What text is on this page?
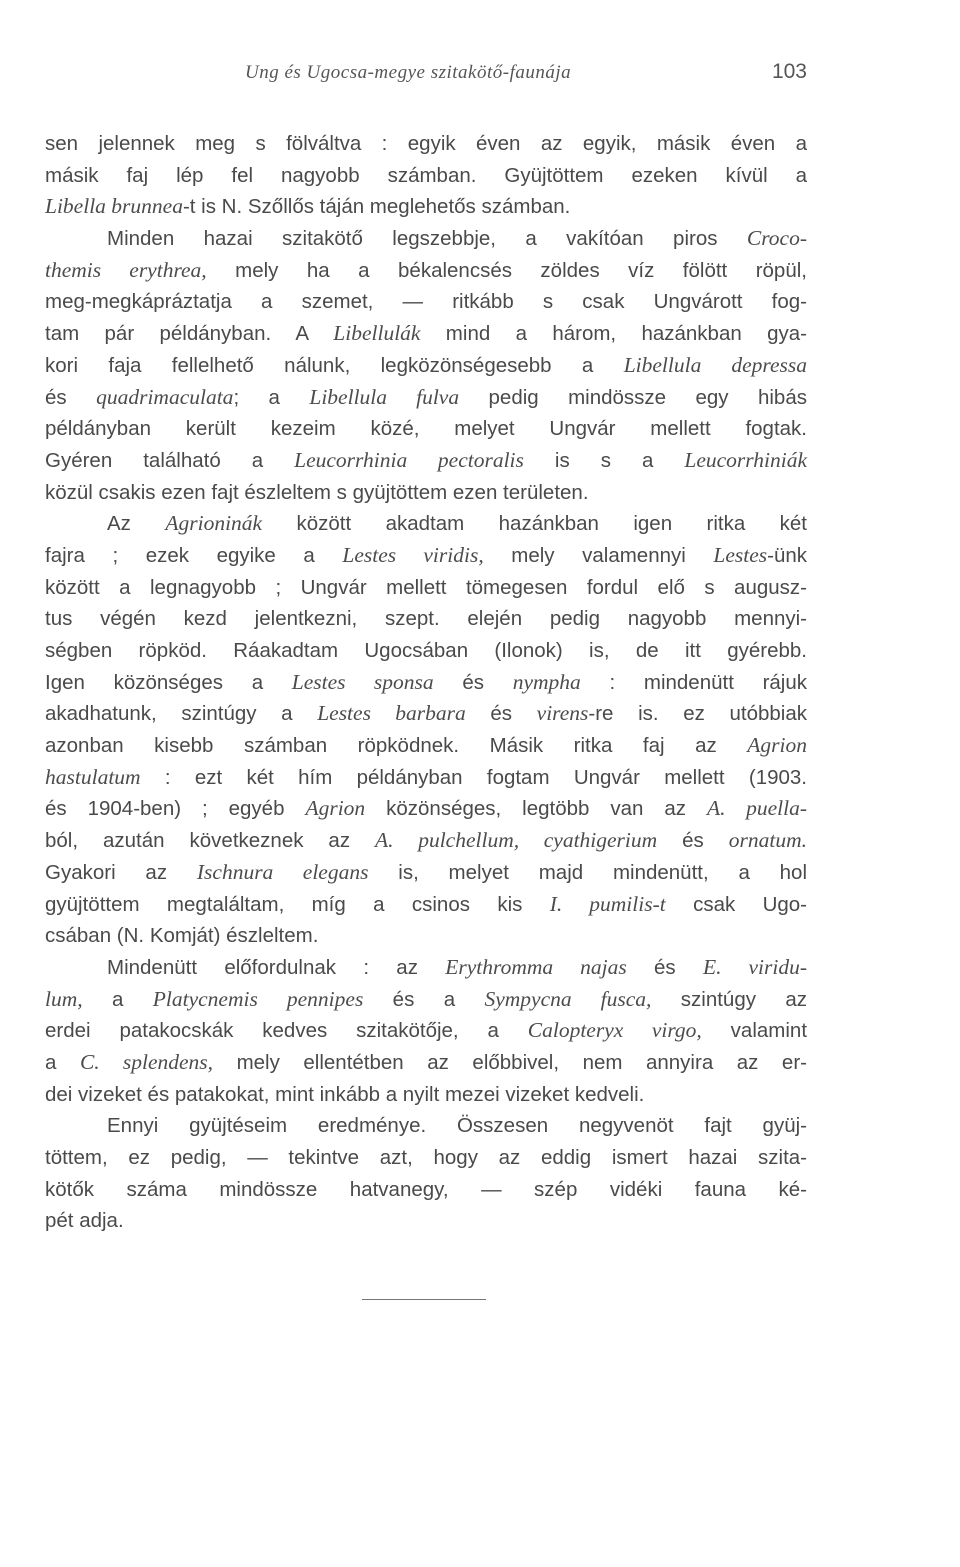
Ung és Ugocsa-megye szitakötő-faunája	103
sen jelennek meg s fölváltva : egyik éven az egyik, másik éven a
másik faj lép fel nagyobb számban. Gyüjtöttem ezeken kívül a
Libella brunnea-t is N. Szőllős táján meglehetős számban.
Minden hazai szitakötő legszebbje, a vakítóan piros Croco-
themis erythrea, mely ha a békalencsés zöldes víz fölött röpül,
meg-megkápráztatja a szemet, — ritkább s csak Ungvárott fog-
tam pár példányban. A Libellulák mind a három, hazánkban gya-
kori faja fellelhető nálunk, legközönségesebb a Libellula depressa
és quadrimaculata; a Libellula fulva pedig mindössze egy hibás
példányban került kezeim közé, melyet Ungvár mellett fogtak.
Gyéren található a Leucorrhinia pectoralis is s a Leucorrhiniák
közül csakis ezen fajt észleltem s gyüjtöttem ezen területen.
Az Agrioninák között akadtam hazánkban igen ritka két
fajra ; ezek egyike a Lestes viridis, mely valamennyi Lestes-ünk
között a legnagyobb ; Ungvár mellett tömegesen fordul elő s augusz-
tus végén kezd jelentkezni, szept. elején pedig nagyobb mennyi-
ségben röpköd. Ráakadtam Ugocsában (Ilonok) is, de itt gyérebb.
Igen közönséges a Lestes sponsa és nymphа : mindenütt rájuk
akadhatunk, szintúgy a Lestes barbara és virens-re is. ez utóbbiak
azonban kisebb számban röpködnek. Másik ritka faj az Agrion
hastulatum : ezt két hím példányban fogtam Ungvár mellett (1903.
és 1904-ben) ; egyéb Agrion közönséges, legtöbb van az A. puella-
ból, azután következnek az A. pulchellum, cyathigerium és ornatum.
Gyakori az Ischnura elegans is, melyet majd mindenütt, a hol
gyüjtöttem megtaláltam, míg a csinos kis I. pumilis-t csak Ugo-
csában (N. Komját) észleltem.
Mindenütt előfordulnak : az Erythromma najas és E. viridu-
lum, a Platycnemis pennipes és a Sympycna fusca, szintúgy az
erdei patakocskák kedves szitakötője, a Calopteryx virgo, valamint
a C. splendens, mely ellentétben az előbbivel, nem annyira az er-
dei vizeket és patakokat, mint inkább a nyilt mezei vizeket kedveli.
Ennyi gyüjtéseim eredménye. Összesen negyvenöt fajt gyüj-
töttem, ez pedig, — tekintve azt, hogy az eddig ismert hazai szita-
kötők száma mindössze hatvanegy, — szép vidéki fauna ké-
pét adja.
